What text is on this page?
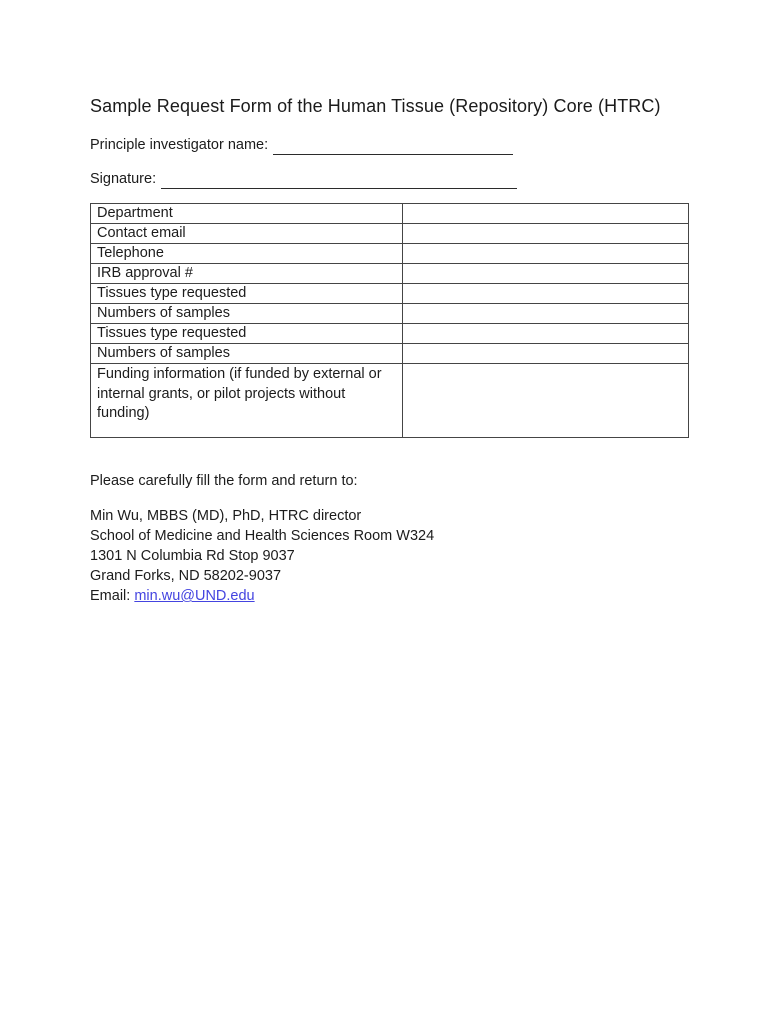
Sample Request Form of the Human Tissue (Repository) Core (HTRC)
Principle investigator name:
Signature:
Department	
Contact email	
Telephone	
IRB approval #	
Tissues type requested	
Numbers of samples	
Tissues type requested	
Numbers of samples	
Funding information (if funded by external or internal grants, or pilot projects without funding)	
Please carefully fill the form and return to:
Min Wu, MBBS (MD), PhD, HTRC director
School of Medicine and Health Sciences Room W324
1301 N Columbia Rd Stop 9037
Grand Forks, ND 58202-9037
Email: min.wu@UND.edu
